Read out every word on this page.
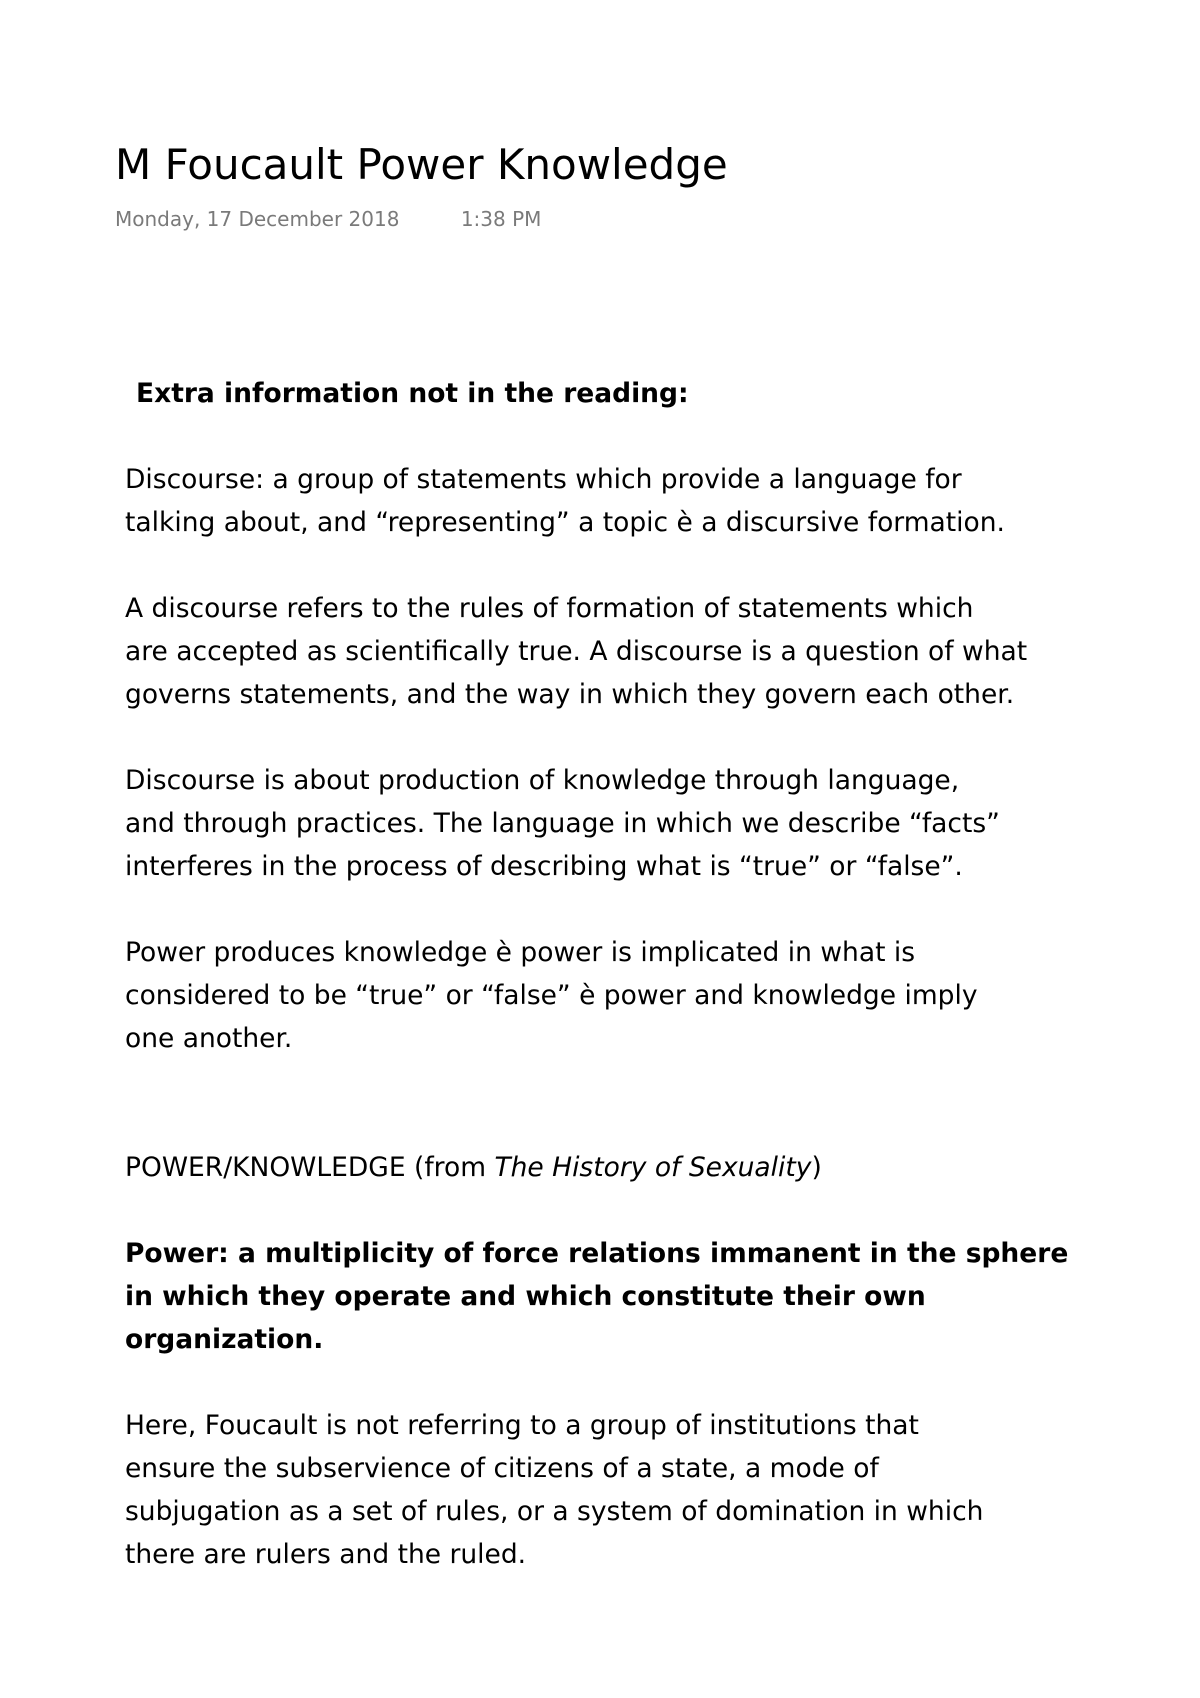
M Foucault Power Knowledge
Monday, 17 December 2018	1:38 PM

Extra information not in the reading:

Discourse: a group of statements which provide a language for
talking about, and “representing” a topic è a discursive formation.

A discourse refers to the rules of formation of statements which
are accepted as scientifically true. A discourse is a question of what
governs statements, and the way in which they govern each other.

Discourse is about production of knowledge through language,
and through practices. The language in which we describe “facts”
interferes in the process of describing what is “true” or “false”.

Power produces knowledge è power is implicated in what is
considered to be “true” or “false” è power and knowledge imply
one another.

POWER/KNOWLEDGE (from The History of Sexuality)

Power: a multiplicity of force relations immanent in the sphere
in which they operate and which constitute their own
organization.

Here, Foucault is not referring to a group of institutions that
ensure the subservience of citizens of a state, a mode of
subjugation as a set of rules, or a system of domination in which
there are rulers and the ruled.
